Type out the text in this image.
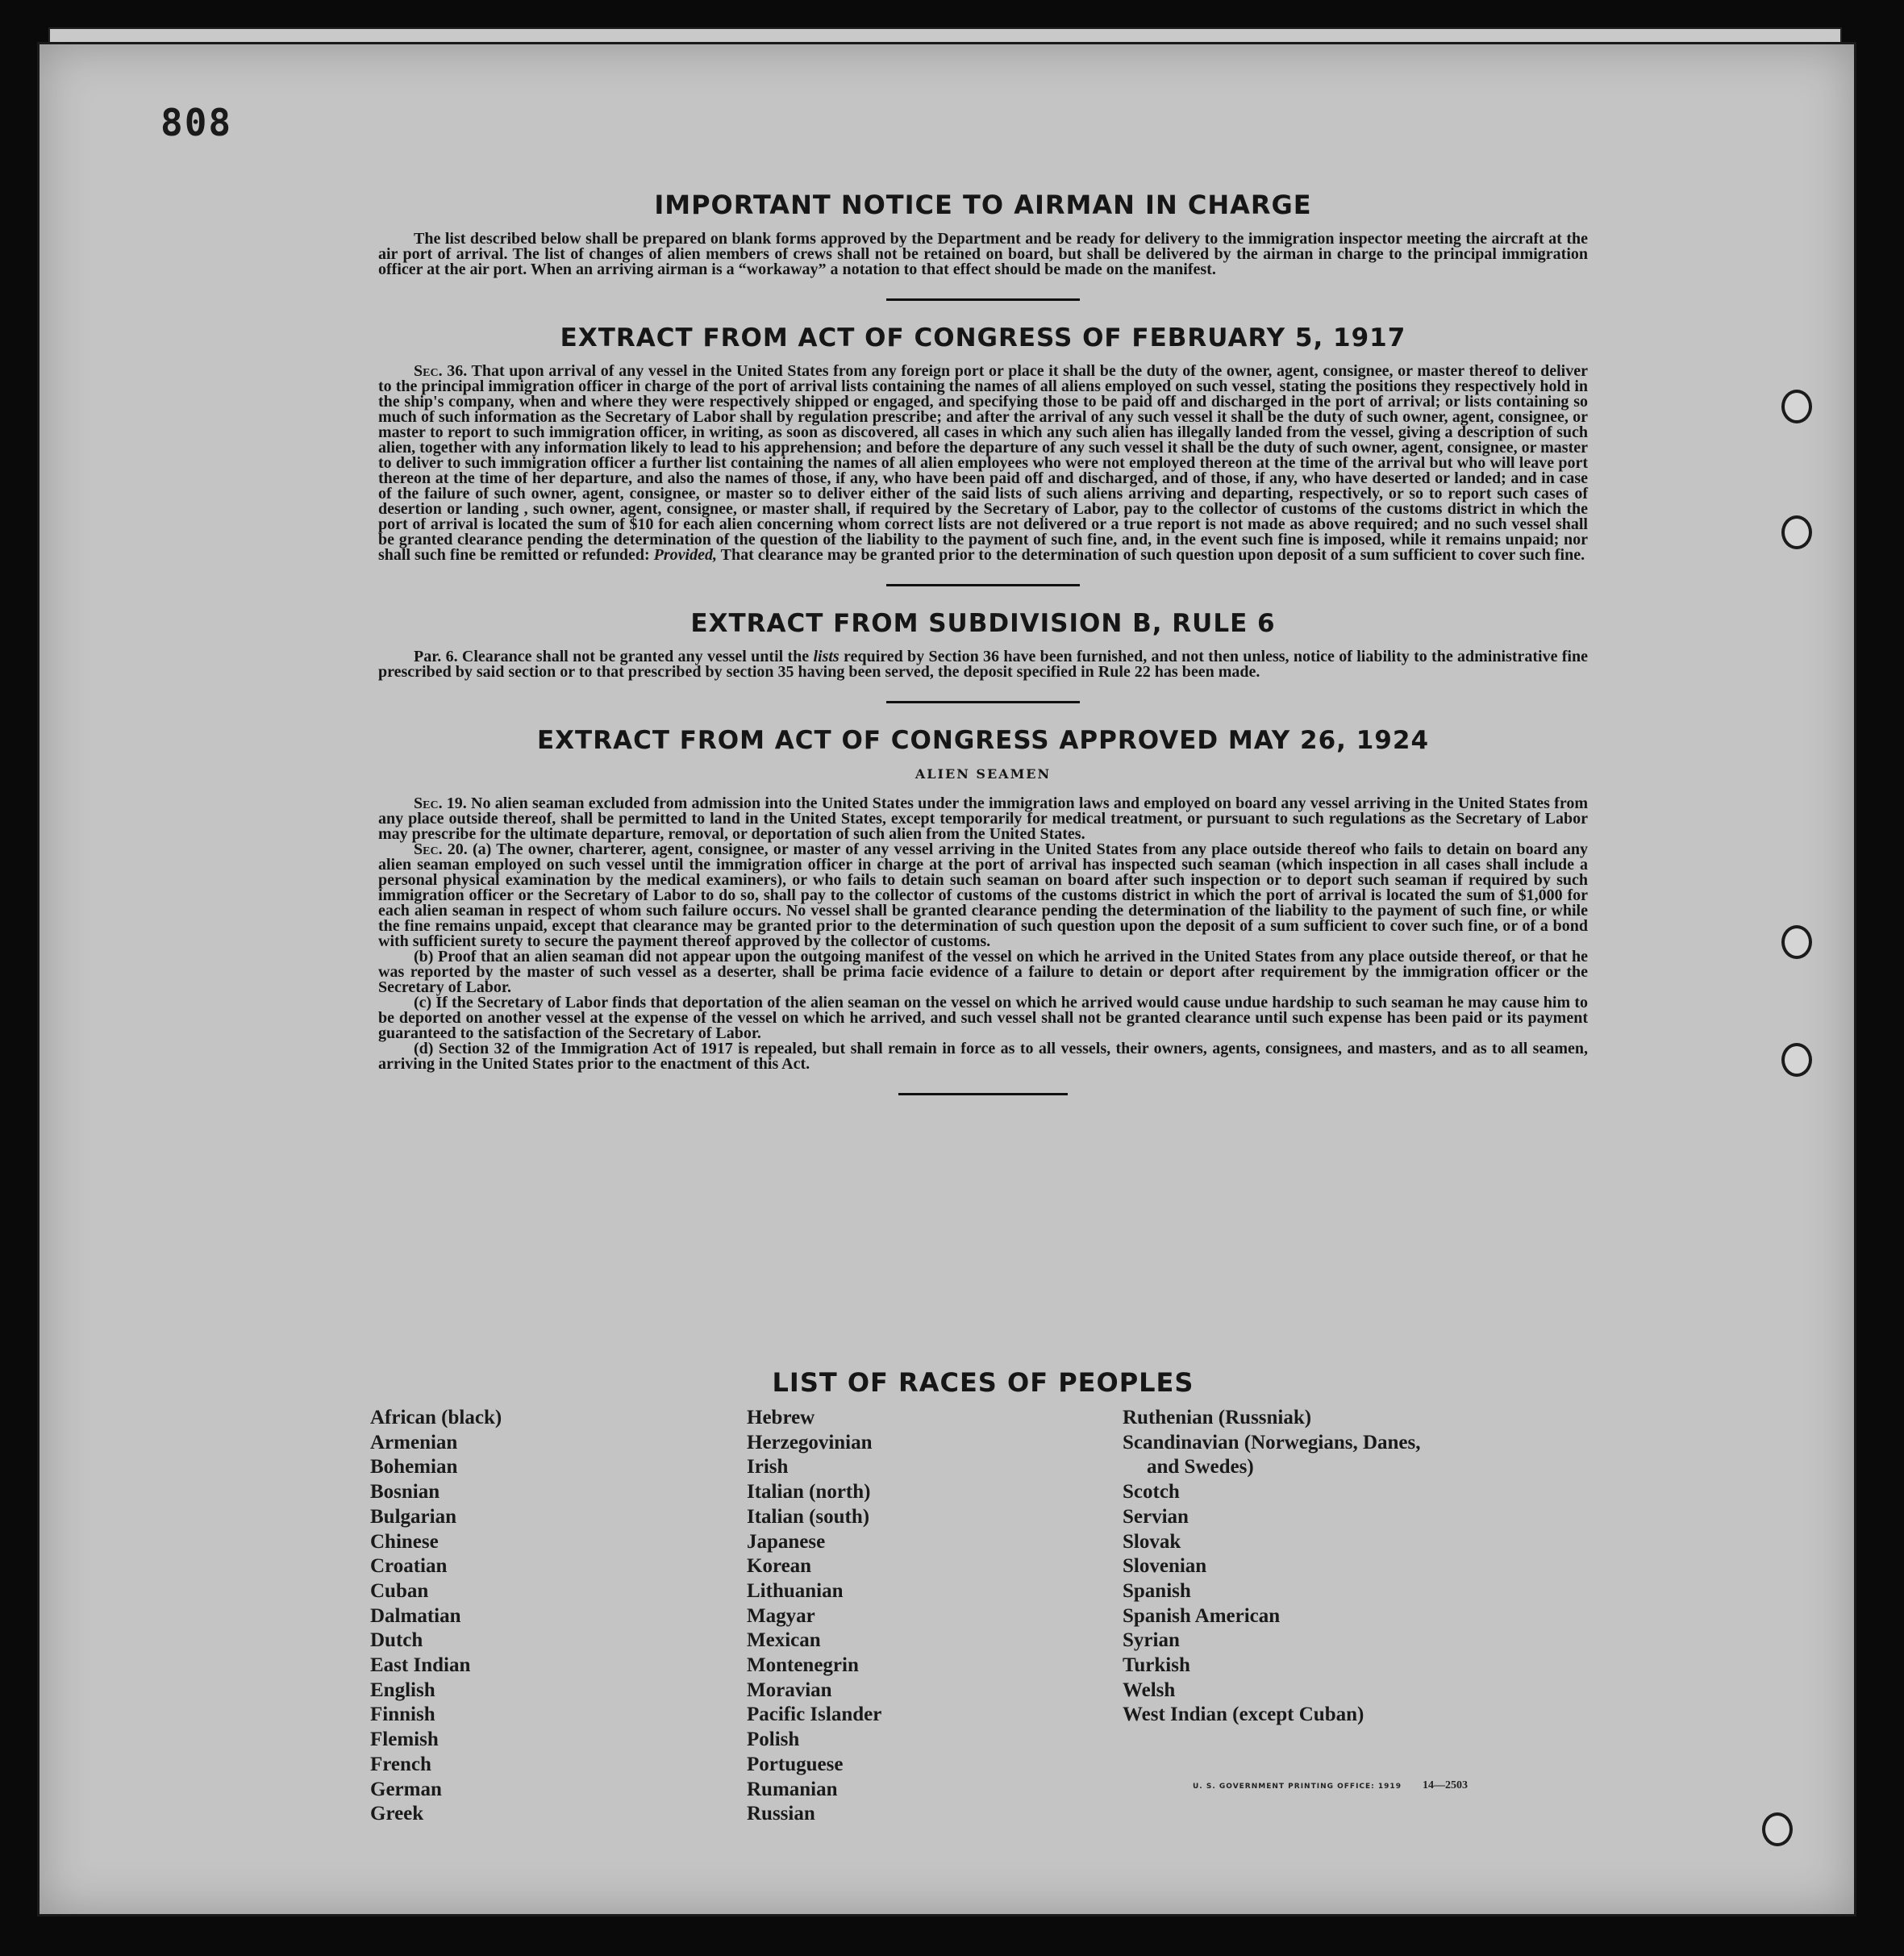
808
IMPORTANT NOTICE TO AIRMAN IN CHARGE

The list described below shall be prepared on blank forms approved by the Department and be ready for delivery to the immigration inspector meeting the aircraft at the air port of arrival. The list of changes of alien members of crews shall not be retained on board, but shall be delivered by the airman in charge to the principal immigration officer at the air port. When an arriving airman is a “workaway” a notation to that effect should be made on the manifest.

EXTRACT FROM ACT OF CONGRESS OF FEBRUARY 5, 1917

Sec. 36. That upon arrival of any vessel in the United States from any foreign port or place it shall be the duty of the owner, agent, consignee, or master thereof to deliver to the principal immigration officer in charge of the port of arrival lists containing the names of all aliens employed on such vessel, stating the positions they respectively hold in the ship's company, when and where they were respectively shipped or engaged, and specifying those to be paid off and discharged in the port of arrival; or lists containing so much of such information as the Secretary of Labor shall by regulation prescribe; and after the arrival of any such vessel it shall be the duty of such owner, agent, consignee, or master to report to such immigration officer, in writing, as soon as discovered, all cases in which any such alien has illegally landed from the vessel, giving a description of such alien, together with any information likely to lead to his apprehension; and before the departure of any such vessel it shall be the duty of such owner, agent, consignee, or master to deliver to such immigration officer a further list containing the names of all alien employees who were not employed thereon at the time of the arrival but who will leave port thereon at the time of her departure, and also the names of those, if any, who have been paid off and discharged, and of those, if any, who have deserted or landed; and in case of the failure of such owner, agent, consignee, or master so to deliver either of the said lists of such aliens arriving and departing, respectively, or so to report such cases of desertion or landing , such owner, agent, consignee, or master shall, if required by the Secretary of Labor, pay to the collector of customs of the customs district in which the port of arrival is located the sum of $10 for each alien concerning whom correct lists are not delivered or a true report is not made as above required; and no such vessel shall be granted clearance pending the determination of the question of the liability to the payment of such fine, and, in the event such fine is imposed, while it remains unpaid; nor shall such fine be remitted or refunded: Provided, That clearance may be granted prior to the determination of such question upon deposit of a sum sufficient to cover such fine.

EXTRACT FROM SUBDIVISION B, RULE 6

Par. 6. Clearance shall not be granted any vessel until the lists required by Section 36 have been furnished, and not then unless, notice of liability to the administrative fine prescribed by said section or to that prescribed by section 35 having been served, the deposit specified in Rule 22 has been made.

EXTRACT FROM ACT OF CONGRESS APPROVED MAY 26, 1924
ALIEN SEAMEN

Sec. 19. No alien seaman excluded from admission into the United States under the immigration laws and employed on board any vessel arriving in the United States from any place outside thereof, shall be permitted to land in the United States, except temporarily for medical treatment, or pursuant to such regulations as the Secretary of Labor may prescribe for the ultimate departure, removal, or deportation of such alien from the United States.

Sec. 20. (a) The owner, charterer, agent, consignee, or master of any vessel arriving in the United States from any place outside thereof who fails to detain on board any alien seaman employed on such vessel until the immigration officer in charge at the port of arrival has inspected such seaman (which inspection in all cases shall include a personal physical examination by the medical examiners), or who fails to detain such seaman on board after such inspection or to deport such seaman if required by such immigration officer or the Secretary of Labor to do so, shall pay to the collector of customs of the customs district in which the port of arrival is located the sum of $1,000 for each alien seaman in respect of whom such failure occurs. No vessel shall be granted clearance pending the determination of the liability to the payment of such fine, or while the fine remains unpaid, except that clearance may be granted prior to the determination of such question upon the deposit of a sum sufficient to cover such fine, or of a bond with sufficient surety to secure the payment thereof approved by the collector of customs.

(b) Proof that an alien seaman did not appear upon the outgoing manifest of the vessel on which he arrived in the United States from any place outside thereof, or that he was reported by the master of such vessel as a deserter, shall be prima facie evidence of a failure to detain or deport after requirement by the immigration officer or the Secretary of Labor.

(c) If the Secretary of Labor finds that deportation of the alien seaman on the vessel on which he arrived would cause undue hardship to such seaman he may cause him to be deported on another vessel at the expense of the vessel on which he arrived, and such vessel shall not be granted clearance until such expense has been paid or its payment guaranteed to the satisfaction of the Secretary of Labor.

(d) Section 32 of the Immigration Act of 1917 is repealed, but shall remain in force as to all vessels, their owners, agents, consignees, and masters, and as to all seamen, arriving in the United States prior to the enactment of this Act.

LIST OF RACES OF PEOPLES
African (black)
Armenian
Bohemian
Bosnian
Bulgarian
Chinese
Croatian
Cuban
Dalmatian
Dutch
East Indian
English
Finnish
Flemish
French
German
Greek
Hebrew
Herzegovinian
Irish
Italian (north)
Italian (south)
Japanese
Korean
Lithuanian
Magyar
Mexican
Montenegrin
Moravian
Pacific Islander
Polish
Portuguese
Rumanian
Russian
Ruthenian (Russniak)
Scandinavian (Norwegians, Danes,
and Swedes)
Scotch
Servian
Slovak
Slovenian
Spanish
Spanish American
Syrian
Turkish
Welsh
West Indian (except Cuban)
U. S. GOVERNMENT PRINTING OFFICE: 1919 14—2503
